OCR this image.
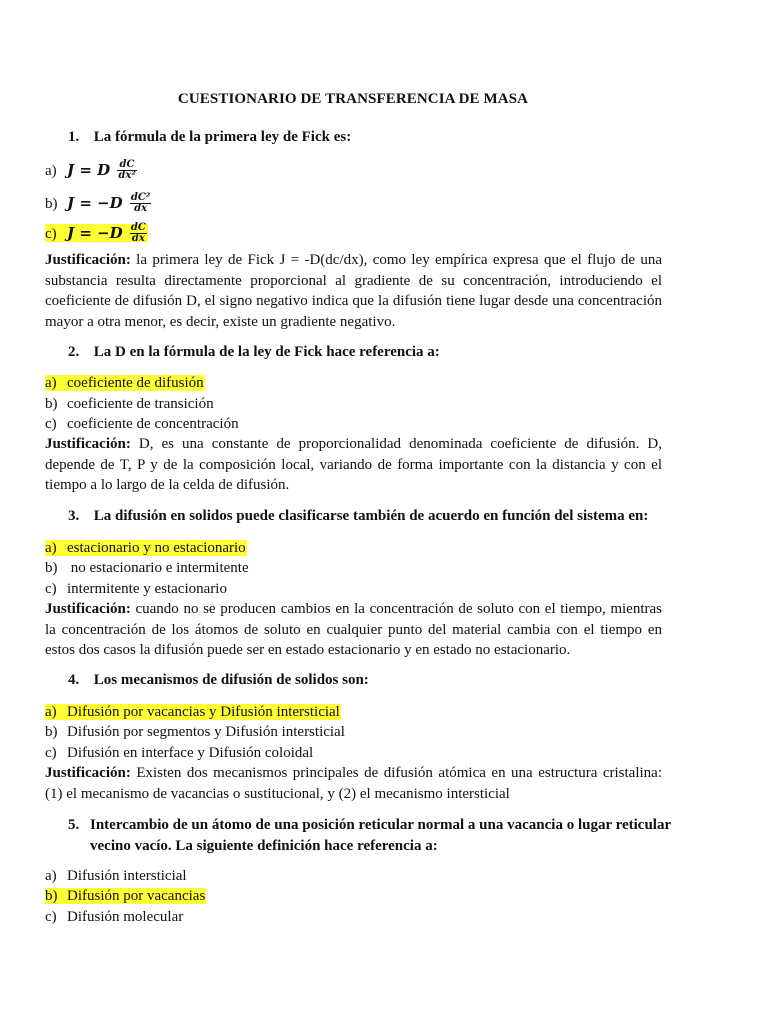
CUESTIONARIO DE TRANSFERENCIA DE MASA
1. La fórmula de la primera ley de Fick es:
a) J = D $\frac{dC}{\text{dx²}}$
b) $J = -D \frac{\text{dC²}}{dx}$
c) $J = -D \frac{dC}{dx}$
Justificación: la primera ley de Fick J = -D(dc/dx), como ley empírica expresa que el flujo de una substancia resulta directamente proporcional al gradiente de su concentración, introduciendo el coeficiente de difusión D, el signo negativo indica que la difusión tiene lugar desde una concentración mayor a otra menor, es decir, existe un gradiente negativo.
2. La D en la fórmula de la ley de Fick hace referencia a:
a) coeficiente de difusión
b) coeficiente de transición
c) coeficiente de concentración
Justificación: D, es una constante de proporcionalidad denominada coeficiente de difusión. D, depende de T, P y de la composición local, variando de forma importante con la distancia y con el tiempo a lo largo de la celda de difusión.
3. La difusión en solidos puede clasificarse también de acuerdo en función del sistema en:
a) estacionario y no estacionario
b) no estacionario e intermitente
c) intermitente y estacionario
Justificación: cuando no se producen cambios en la concentración de soluto con el tiempo, mientras la concentración de los átomos de soluto en cualquier punto del material cambia con el tiempo en estos dos casos la difusión puede ser en estado estacionario y en estado no estacionario.
4. Los mecanismos de difusión de solidos son:
a) Difusión por vacancias y Difusión intersticial
b) Difusión por segmentos y Difusión intersticial
c) Difusión en interface y Difusión coloidal
Justificación: Existen dos mecanismos principales de difusión atómica en una estructura cristalina: (1) el mecanismo de vacancias o sustitucional, y (2) el mecanismo intersticial
5. Intercambio de un átomo de una posición reticular normal a una vacancia o lugar reticular vecino vacío. La siguiente definición hace referencia a:
a) Difusión intersticial
b) Difusión por vacancias
c) Difusión molecular
